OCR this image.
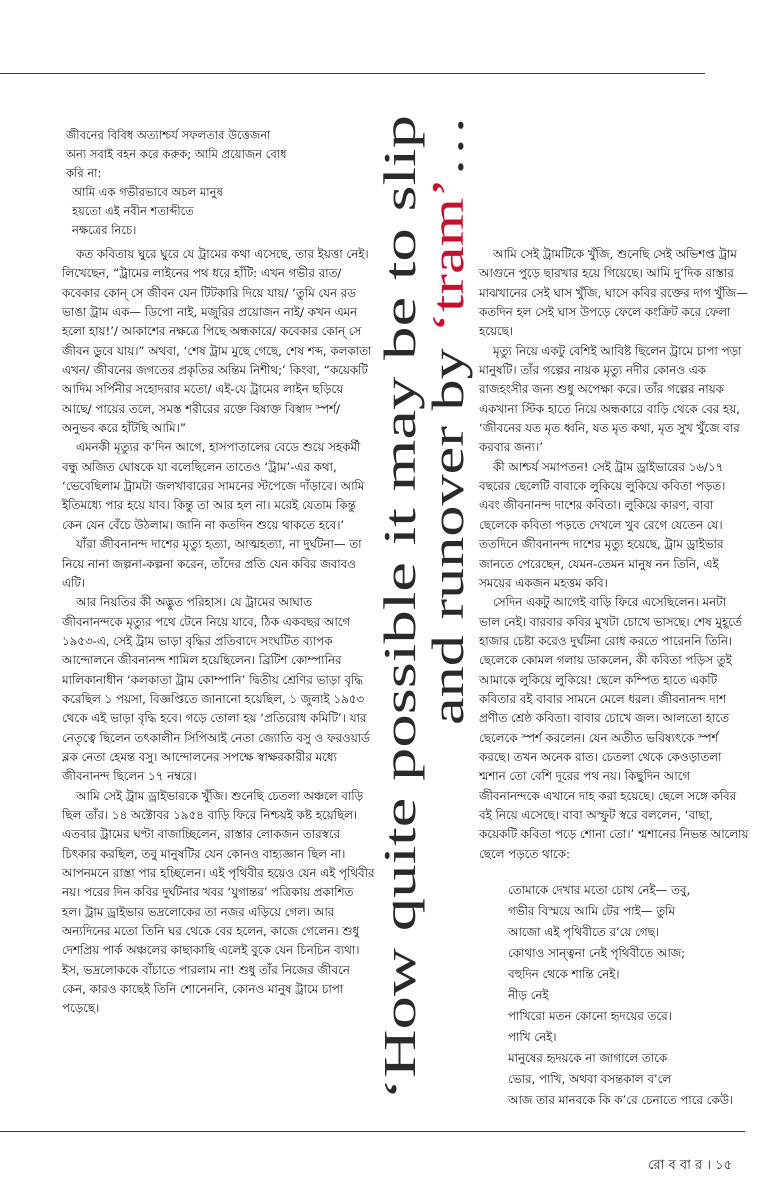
জীবনের বিবিধ অত্যাশ্চর্য সফলতার উত্তেজনা

অন্য সবাই বহন করে করুক; আমি প্রয়োজন বোধ

করি না:

আমি এক গভীরভাবে অচল মানুষ

হয়তো এই নবীন শতাব্দীতে

নক্ষত্রের নিচে।

কত কবিতায় ঘুরে ঘুরে যে ট্রামের কথা এসেছে, তার ইয়ত্তা নেই। লিখেছেন, “ট্রামের লাইনের পথ ধরে হাঁটি: এখন গভীর রাত/ কবেকার কোন্ সে জীবন যেন টিটকারি দিয়ে যায়/ ‘তুমি যেন রড ভাঙা ট্রাম এক— ডিপো নাই, মজুরির প্রয়োজন নাই/ কখন এমন হলো হায়!’/ আকাশের নক্ষত্রে পিছে অন্ধকারে/ কবেকার কোন্ সে জীবন ডুবে যায়।” অথবা, ‘শেষ ট্রাম মুছে গেছে, শেষ শব্দ, কলকাতা এখন/ জীবনের জগতের প্রকৃতির অন্তিম নিশীথ;’ কিংবা, “কয়েকটি আদিম সর্পিনীর সহোদরার মতো/ এই-যে ট্রামের লাইন ছড়িয়ে আছে/ পায়ের তলে, সমস্ত শরীরের রক্তে বিষাক্ত বিস্বাদ স্পর্শ/ অনুভব করে হাঁটছি আমি।”

এমনকী মৃত্যুর ক’দিন আগে, হাসপাতালের বেডে শুয়ে সহকর্মী বন্ধু অজিত ঘোষকে যা বলেছিলেন তাতেও ‘ট্রাম’-এর কথা, ‘ভেবেছিলাম ট্রামটা জলখাবারের সামনের স্টপেজে দাঁড়াবে। আমি ইতিমধ্যে পার হয়ে যাব। কিন্তু তা আর হল না। মরেই যেতাম কিন্তু কেন যেন বেঁচে উঠলাম। জানি না কতদিন শুয়ে থাকতে হবে।’

যাঁরা জীবনানন্দ দাশের মৃত্যু হত্যা, আত্মহত্যা, না দুর্ঘটনা— তা নিয়ে নানা জল্পনা-কল্পনা করেন, তাঁদের প্রতি যেন কবির জবাবও এটি।

আর নিয়তির কী অদ্ভুত পরিহাস। যে ট্রামের আঘাত জীবনানন্দকে মৃত্যুর পথে টেনে নিয়ে যাবে, ঠিক একবছর আগে ১৯৫৩-এ, সেই ট্রাম ভাড়া বৃদ্ধির প্রতিবাদে সংঘটিত ব্যাপক আন্দোলনে জীবনানন্দ শামিল হয়েছিলেন। ব্রিটিশ কোম্পানির মালিকানাধীন ‘কলকাতা ট্রাম কোম্পানি’ দ্বিতীয় শ্রেণির ভাড়া বৃদ্ধি করেছিল ১ পয়সা, বিজ্ঞপ্তিতে জানানো হয়েছিল, ১ জুলাই ১৯৫৩ থেকে এই ভাড়া বৃদ্ধি হবে। গড়ে তোলা হয় ‘প্রতিরোধ কমিটি’। যার নেতৃত্বে ছিলেন তৎকালীন সিপিআই নেতা জ্যোতি বসু ও ফরওয়ার্ড ব্লক নেতা হেমন্ত বসু। আন্দোলনের সপক্ষে স্বাক্ষরকারীর মধ্যে জীবনানন্দ ছিলেন ১৭ নম্বরে।

আমি সেই ট্রাম ড্রাইভারকে খুঁজি। শুনেছি চেতলা অঞ্চলে বাড়ি ছিল তাঁর। ১৪ অক্টোবর ১৯৫৪ বাড়ি ফিরে নিশ্চয়ই কষ্ট হয়েছিল। এতবার ট্রামের ঘণ্টা বাজাচ্ছিলেন, রাস্তার লোকজন তারস্বরে চিৎকার করছিল, তবু মানুষটির যেন কোনও বাহ্যজ্ঞান ছিল না। আপনমনে রাস্তা পার হচ্ছিলেন। এই পৃথিবীর হয়েও যেন এই পৃথিবীর নয়। পরের দিন কবির দুর্ঘটনার খবর ‘যুগান্তর’ পত্রিকায় প্রকাশিত হল। ট্রাম ড্রাইভার ভদ্রলোকের তা নজর এড়িয়ে গেল। আর অন্যদিনের মতো তিনি ঘর থেকে বের হলেন, কাজে গেলেন। শুধু দেশপ্রিয় পার্ক অঞ্চলের কাছাকাছি এলেই বুকে যেন চিনচিন ব্যথা। ইস, ভদ্রলোককে বাঁচাতে পারলাম না! শুধু তাঁর নিজের জীবনে কেন, কারও কাছেই তিনি শোনেননি, কোনও মানুষ ট্রামে চাপা পড়েছে।	‘How quite possible it may be to slip
and runover by ‘tram’…

আমি সেই ট্রামটিকে খুঁজি, শুনেছি সেই অভিশপ্ত ট্রাম আগুনে পুড়ে ছারখার হয়ে গিয়েছে। আমি দু’দিক রাস্তার মাঝখানের সেই ঘাস খুঁজি, ঘাসে কবির রক্তের দাগ খুঁজি— কতদিন হল সেই ঘাস উপড়ে ফেলে কংক্রিট করে ফেলা হয়েছে।

মৃত্যু নিয়ে একটু বেশিই আবিষ্ট ছিলেন ট্রামে চাপা পড়া মানুষটি। তাঁর গল্পের নায়ক মৃত্যু নদীর কোনও এক রাজহংসীর জন্য শুধু অপেক্ষা করে। তাঁর গল্পের নায়ক একখানা স্টিক হাতে নিয়ে অন্ধকারে বাড়ি থেকে বের হয়, ‘জীবনের যত মৃত ধ্বনি, যত মৃত কথা, মৃত সুখ খুঁজে বার করবার জন্য।’

কী আশ্চর্য সমাপতন! সেই ট্রাম ড্রাইভারের ১৬/১৭ বছরের ছেলেটি বাবাকে লুকিয়ে লুকিয়ে কবিতা পড়ত। এবং জীবনানন্দ দাশের কবিতা। লুকিয়ে কারণ, বাবা ছেলেকে কবিতা পড়তে দেখলে খুব রেগে যেতেন যে। ততদিনে জীবনানন্দ দাশের মৃত্যু হয়েছে, ট্রাম ড্রাইভার জানতে পেরেছেন, যেমন-তেমন মানুষ নন তিনি, এই সময়ের একজন মহত্তম কবি।

সেদিন একটু আগেই বাড়ি ফিরে এসেছিলেন। মনটা ভাল নেই। বারবার কবির মুখটা চোখে ভাসছে। শেষ মুহূর্তে হাজার চেষ্টা করেও দুর্ঘটনা রোধ করতে পারেননি তিনি। ছেলেকে কোমল গলায় ডাকলেন, কী কবিতা পড়িস তুই আমাকে লুকিয়ে লুকিয়ে! ছেলে কম্পিত হাতে একটি কবিতার বই বাবার সামনে মেলে ধরল। জীবনানন্দ দাশ প্রণীত শ্রেষ্ঠ কবিতা। বাবার চোখে জল। আলতো হাতে ছেলেকে স্পর্শ করলেন। যেন অতীত ভবিষ্যৎকে স্পর্শ করছে। তখন অনেক রাত। চেতলা থেকে কেওড়াতলা শ্মশান তো বেশি দূরের পথ নয়। কিছুদিন আগে জীবনানন্দকে এখানে দাহ করা হয়েছে। ছেলে সঙ্গে কবির বই নিয়ে এসেছে। বাবা অস্ফুট স্বরে বললেন, ‘বাছা, কয়েকটি কবিতা পড়ে শোনা তো।’ শ্মশানের নিভন্ত আলোয় ছেলে পড়তে থাকে:

তোমাকে দেখার মতো চোখ নেই— তবু,

গভীর বিস্ময়ে আমি টের পাই— তুমি

আজো এই পৃথিবীতে র’য়ে গেছ।

কোথাও সান্ত্বনা নেই পৃথিবীতে আজ;

বহুদিন থেকে শান্তি নেই।

নীড় নেই

পাখিরো মতন কোনো হৃদয়ের তরে।

পাখি নেই।

মানুষের হৃদয়কে না জাগালে তাকে

ভোর, পাখি, অথবা বসন্তকাল ব’লে

আজ তার মানবকে কি ক’রে চেনাতে পারে কেউ।

রো ব বা র । ১৫
